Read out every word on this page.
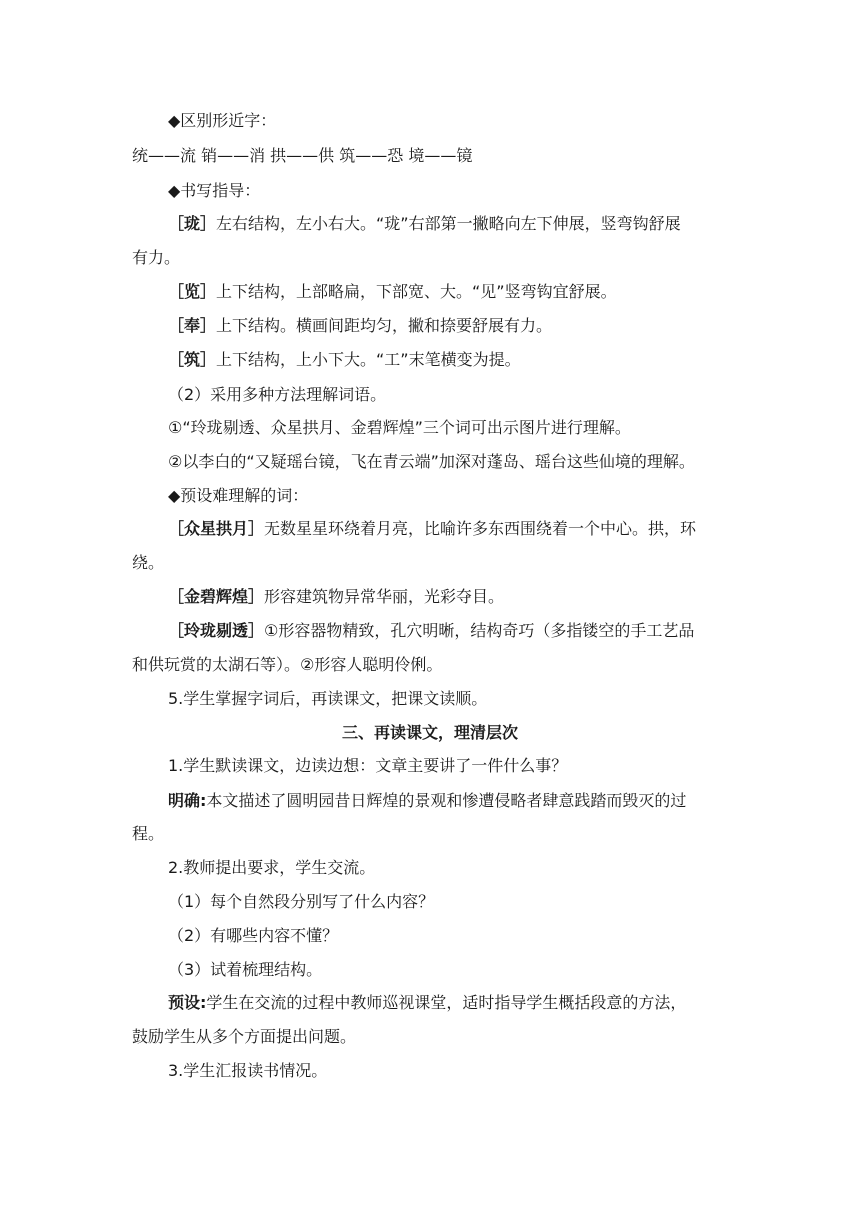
◆区别形近字：
统——流 销——消 拱——供 筑——恐 境——镜
◆书写指导：
［珑］左右结构，左小右大。“珑”右部第一撇略向左下伸展，竖弯钩舒展
有力。
［览］上下结构，上部略扁，下部宽、大。“见”竖弯钩宜舒展。
［奉］上下结构。横画间距均匀，撇和捺要舒展有力。
［筑］上下结构，上小下大。“工”末笔横变为提。
（2）采用多种方法理解词语。
①“玲珑剔透、众星拱月、金碧辉煌”三个词可出示图片进行理解。
②以李白的“又疑瑶台镜，飞在青云端”加深对蓬岛、瑶台这些仙境的理解。
◆预设难理解的词：
［众星拱月］无数星星环绕着月亮，比喻许多东西围绕着一个中心。拱，环
绕。
［金碧辉煌］形容建筑物异常华丽，光彩夺目。
［玲珑剔透］①形容器物精致，孔穴明晰，结构奇巧（多指镂空的手工艺品
和供玩赏的太湖石等）。②形容人聪明伶俐。
5.学生掌握字词后，再读课文，把课文读顺。
三、再读课文，理清层次
1.学生默读课文，边读边想：文章主要讲了一件什么事？
明确:本文描述了圆明园昔日辉煌的景观和惨遭侵略者肆意践踏而毁灭的过
程。
2.教师提出要求，学生交流。
（1）每个自然段分别写了什么内容？
（2）有哪些内容不懂？
（3）试着梳理结构。
预设:学生在交流的过程中教师巡视课堂，适时指导学生概括段意的方法，
鼓励学生从多个方面提出问题。
3.学生汇报读书情况。
